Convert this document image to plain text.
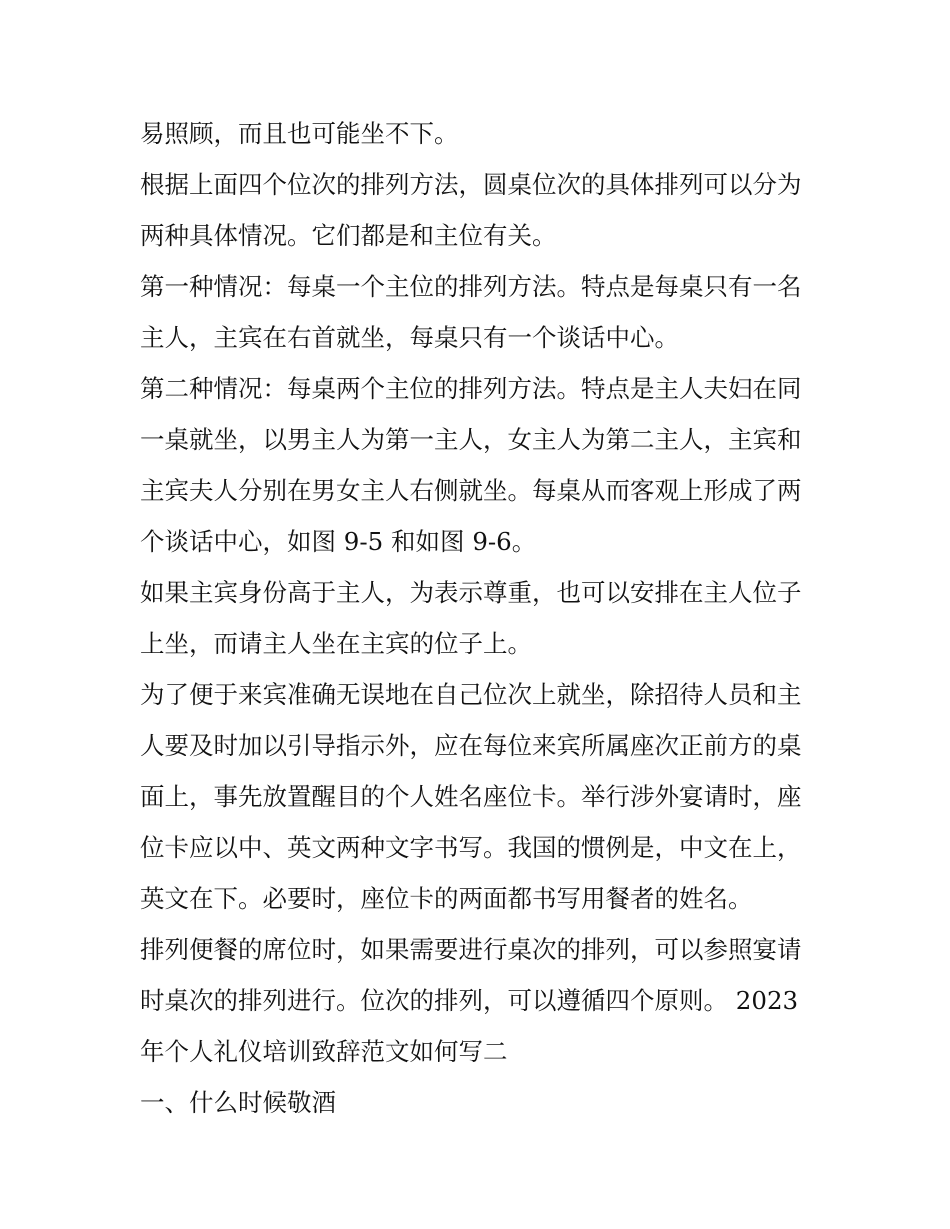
易照顾，而且也可能坐不下。
根据上面四个位次的排列方法，圆桌位次的具体排列可以分为
两种具体情况。它们都是和主位有关。
第一种情况：每桌一个主位的排列方法。特点是每桌只有一名
主人，主宾在右首就坐，每桌只有一个谈话中心。
第二种情况：每桌两个主位的排列方法。特点是主人夫妇在同
一桌就坐，以男主人为第一主人，女主人为第二主人，主宾和
主宾夫人分别在男女主人右侧就坐。每桌从而客观上形成了两
个谈话中心，如图 9-5 和如图 9-6。
如果主宾身份高于主人，为表示尊重，也可以安排在主人位子
上坐，而请主人坐在主宾的位子上。
为了便于来宾准确无误地在自己位次上就坐，除招待人员和主
人要及时加以引导指示外，应在每位来宾所属座次正前方的桌
面上，事先放置醒目的个人姓名座位卡。举行涉外宴请时，座
位卡应以中、英文两种文字书写。我国的惯例是，中文在上，
英文在下。必要时，座位卡的两面都书写用餐者的姓名。
排列便餐的席位时，如果需要进行桌次的排列，可以参照宴请
时桌次的排列进行。位次的排列，可以遵循四个原则。 2023
年个人礼仪培训致辞范文如何写二
一、什么时候敬酒
